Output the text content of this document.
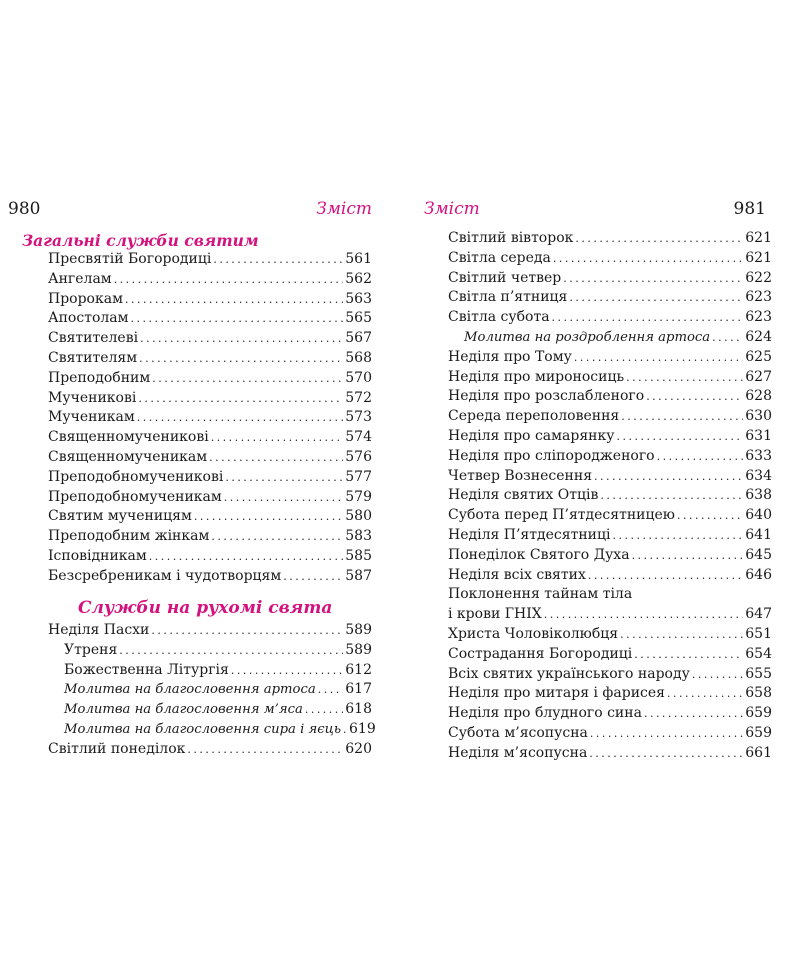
980	Зміст
Загальні служби святим
Пресвятій Богородиці . . .	561
Ангелам . . .	562
Пророкам . . .	563
Апостолам . . .	565
Святителеві . . .	567
Святителям . . .	568
Преподобним . . .	570
Мученикові . . .	572
Мученикам . . .	573
Священномученикові . . .	574
Священномученикам . . .	576
Преподобномученикові . . .	577
Преподобномученикам . . .	579
Святим мученицям . . .	580
Преподобним жінкам . . .	583
Ісповідникам . . .	585
Безсребреникам і чудотворцям . . .	587
Служби на рухомі свята
Неділя Пасхи . . .	589
Утреня . . .	589
Божественна Літургія . . .	612
Молитва на благословення артоса . . . 617
Молитва на благословення м’яса . . .	618
Молитва на благословення сира і яєць . . . 619
Світлий понеділок . . .	620
Зміст	981
Світлий вівторок . . .	621
Світла середа . . .	621
Світлий четвер . . .	622
Світла п’ятниця . . .	623
Світла субота . . .	623
Молитва на роздроблення артоса . . .	624
Неділя про Тому . . .	625
Неділя про мироносиць . . .	627
Неділя про розслабленого . . .	628
Середа переполовення . . .	630
Неділя про самарянку . . .	631
Неділя про сліпородженого . . .	633
Четвер Вознесення . . .	634
Неділя святих Отців . . .	638
Субота перед П’ятдесятницею . . .	640
Неділя П’ятдесятниці . . .	641
Понеділок Святого Духа . . .	645
Неділя всіх святих . . .	646
Поклонення тайнам тіла
і крови ГНІХ . . .	647
Христа Чоловіколюбця . . .	651
Сострадання Богородиці . . .	654
Всіх святих українського народу . . .	655
Неділя про митаря і фарисея . . .	658
Неділя про блудного сина . . .	659
Субота м’ясопусна . . .	659
Неділя м’ясопусна . . .	661
